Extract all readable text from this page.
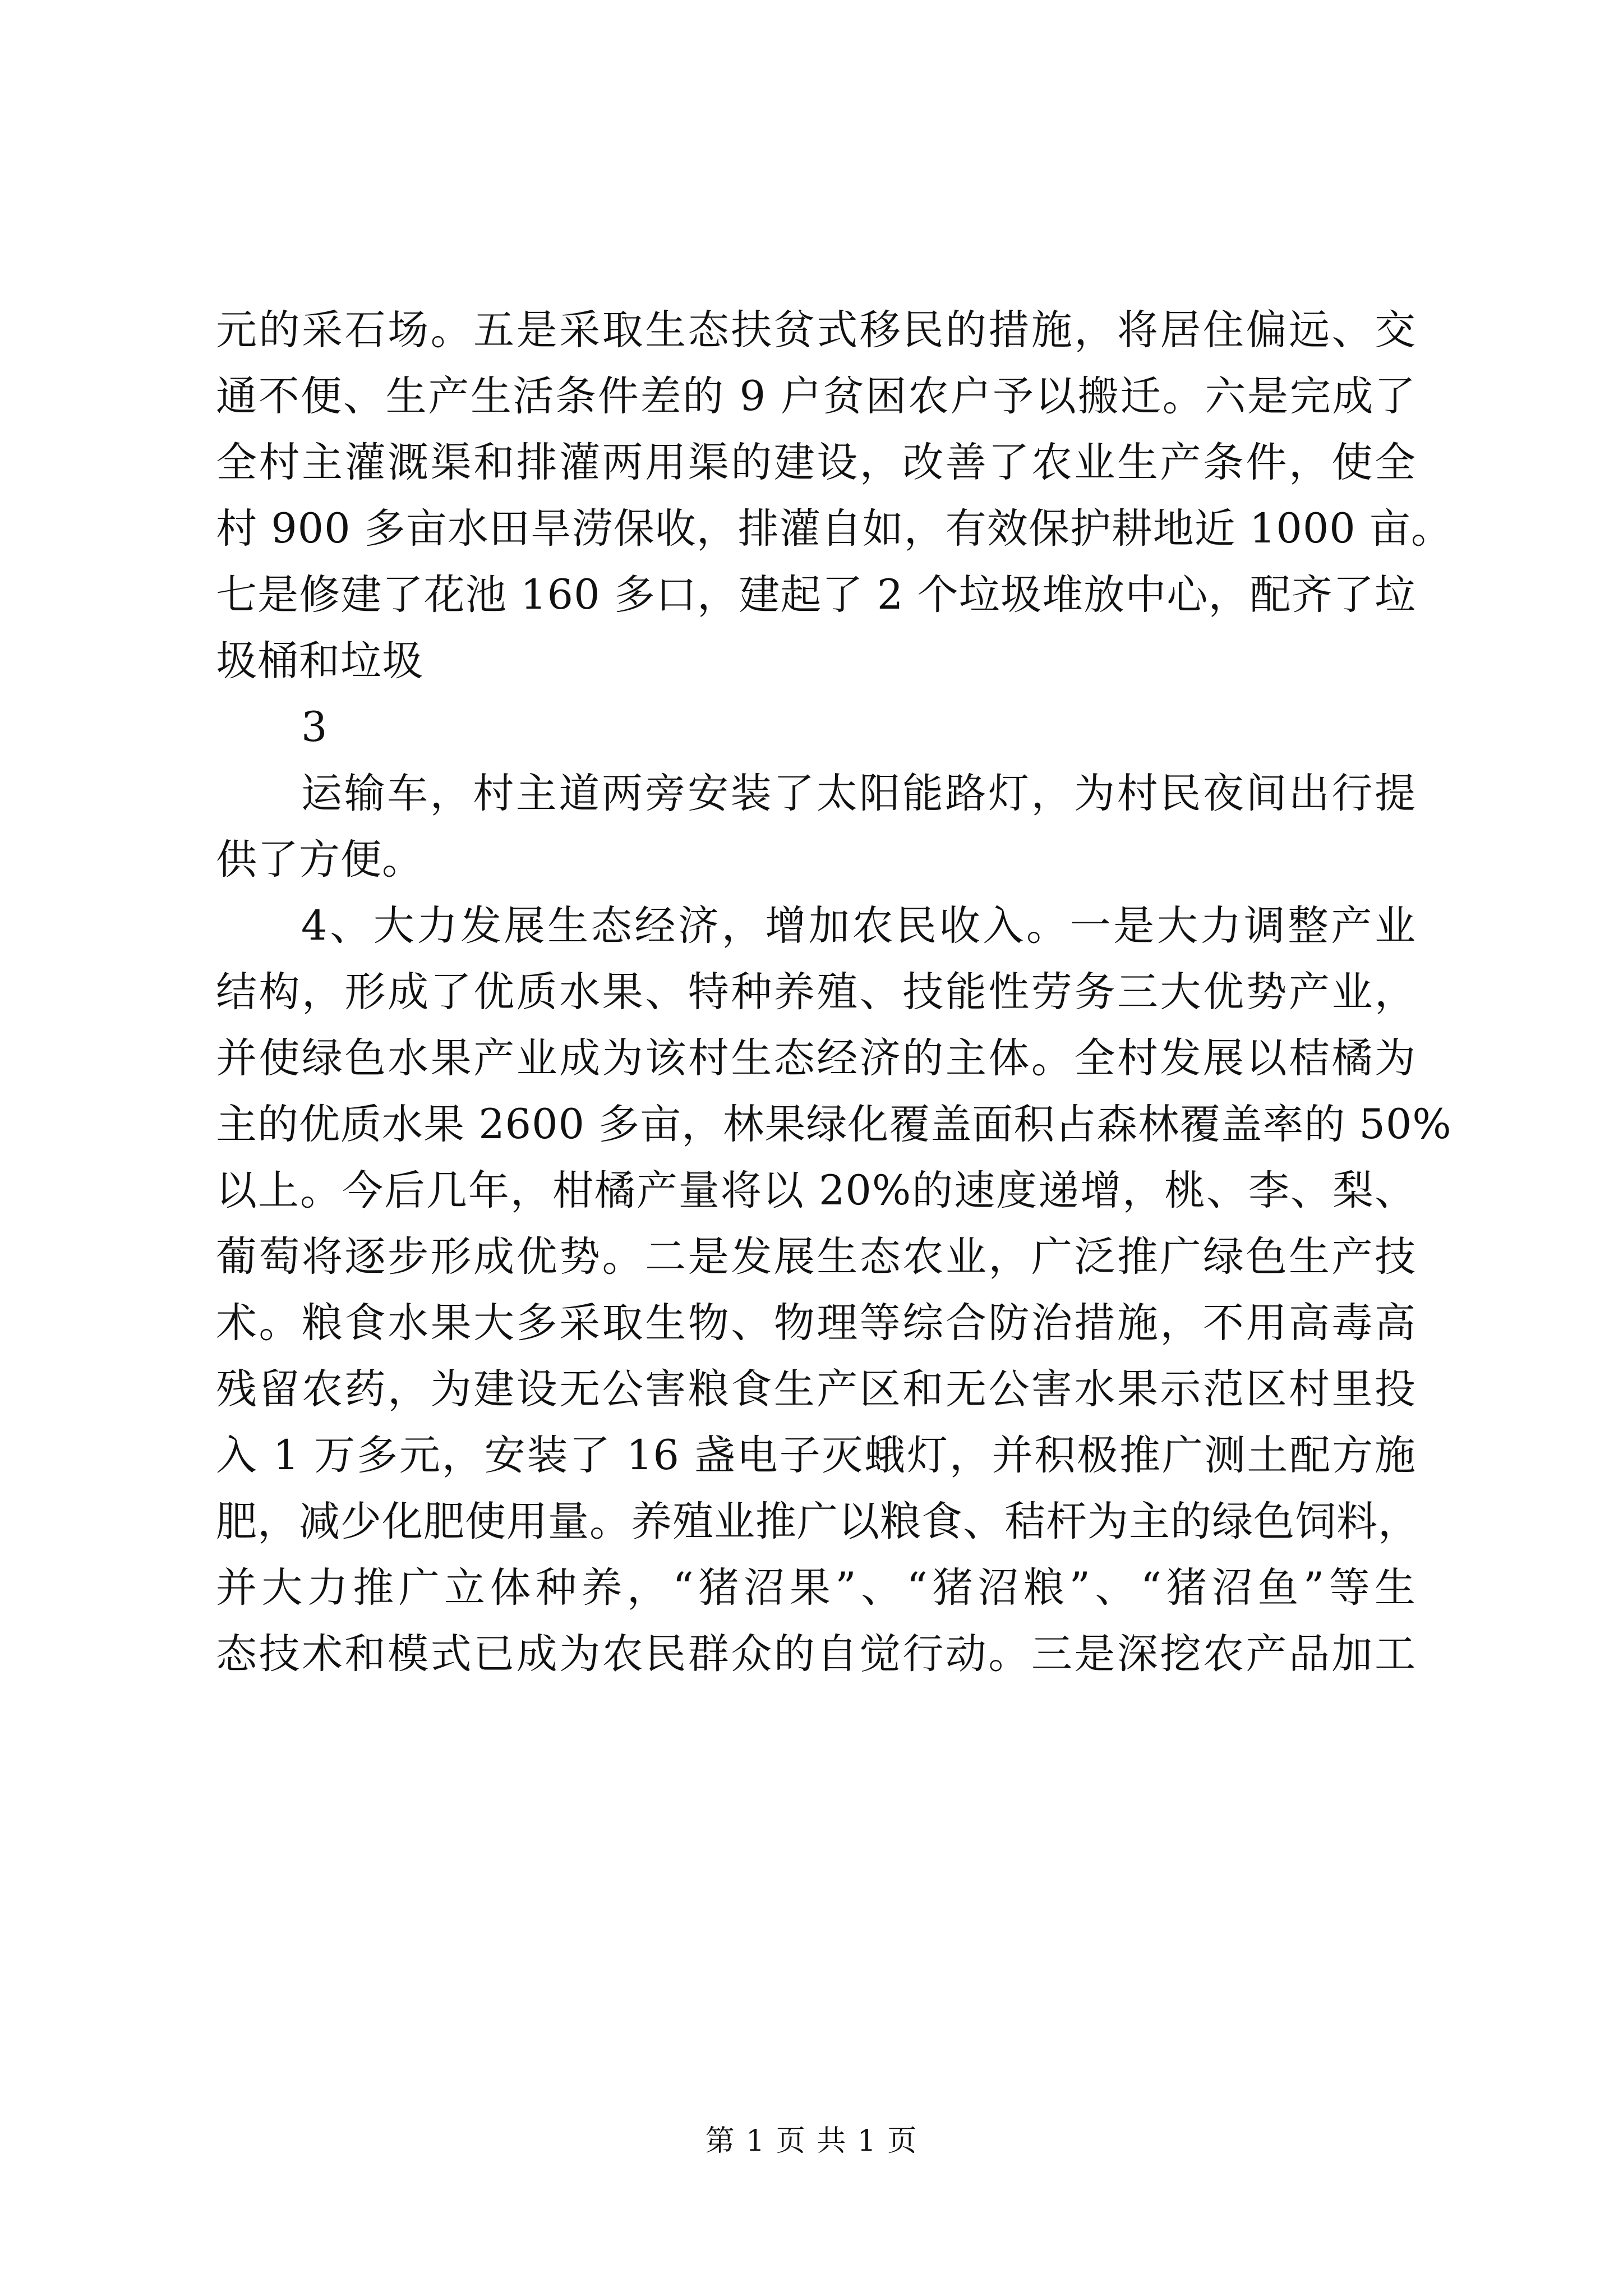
元的采石场。五是采取生态扶贫式移民的措施，将居住偏远、交
通不便、生产生活条件差的 9 户贫困农户予以搬迁。六是完成了
全村主灌溉渠和排灌两用渠的建设，改善了农业生产条件，使全
村 900 多亩水田旱涝保收，排灌自如，有效保护耕地近 1000 亩。
七是修建了花池 160 多口，建起了 2 个垃圾堆放中心，配齐了垃
圾桶和垃圾
3
运输车，村主道两旁安装了太阳能路灯，为村民夜间出行提
供了方便。
4、大力发展生态经济，增加农民收入。一是大力调整产业
结构，形成了优质水果、特种养殖、技能性劳务三大优势产业，
并使绿色水果产业成为该村生态经济的主体。全村发展以桔橘为
主的优质水果 2600 多亩，林果绿化覆盖面积占森林覆盖率的 50%
以上。今后几年，柑橘产量将以 20%的速度递增，桃、李、梨、
葡萄将逐步形成优势。二是发展生态农业，广泛推广绿色生产技
术。粮食水果大多采取生物、物理等综合防治措施，不用高毒高
残留农药，为建设无公害粮食生产区和无公害水果示范区村里投
入 1 万多元，安装了 16 盏电子灭蛾灯，并积极推广测土配方施
肥，减少化肥使用量。养殖业推广以粮食、秸杆为主的绿色饲料，
并大力推广立体种养，“猪沼果”、“猪沼粮”、“猪沼鱼”等生
态技术和模式已成为农民群众的自觉行动。三是深挖农产品加工
第 1 页 共 1 页
